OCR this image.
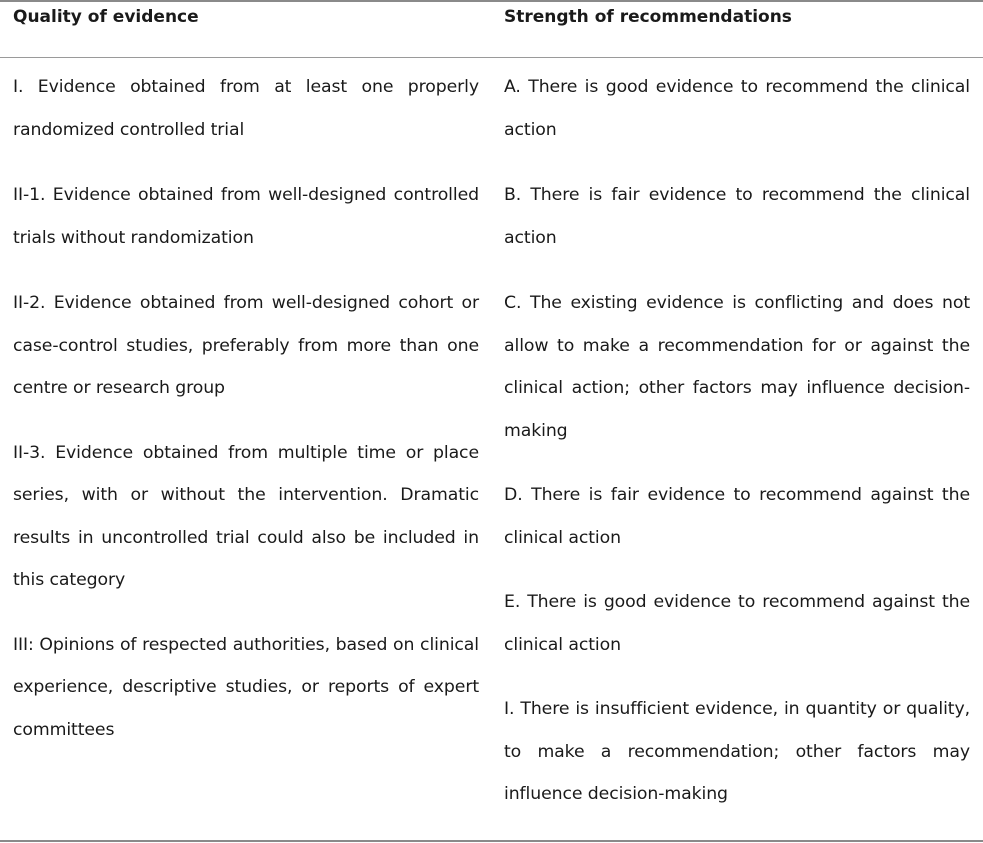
Quality of evidence	Strength of recommendations
I. Evidence obtained from at least one properly randomized controlled trial
II-1. Evidence obtained from well-designed controlled trials without randomization
II-2. Evidence obtained from well-designed cohort or case-control studies, preferably from more than one centre or research group
II-3. Evidence obtained from multiple time or place series, with or without the intervention. Dramatic results in uncontrolled trial could also be included in this category
III: Opinions of respected authorities, based on clinical experience, descriptive studies, or reports of expert committees
A. There is good evidence to recommend the clinical action
B. There is fair evidence to recommend the clinical action
C. The existing evidence is conflicting and does not allow to make a recommendation for or against the clinical action; other factors may influence decision-making
D. There is fair evidence to recommend against the clinical action
E. There is good evidence to recommend against the clinical action
I. There is insufficient evidence, in quantity or quality, to make a recommendation; other factors may influence decision-making
